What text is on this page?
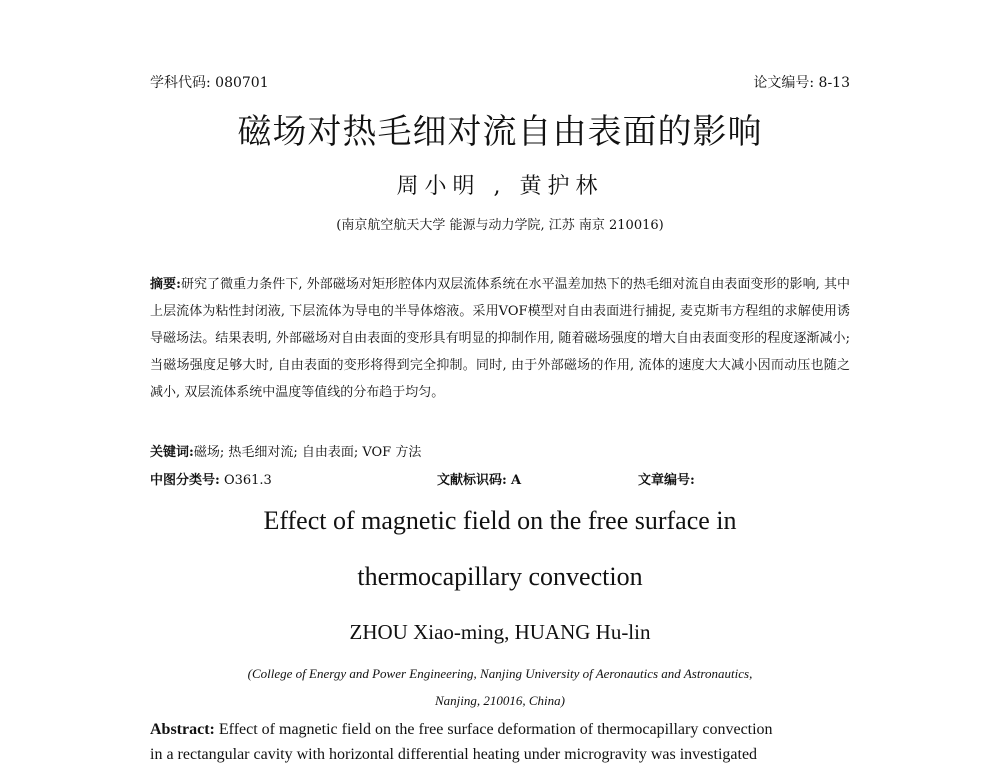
学科代码: 080701	论文编号: 8-13
磁场对热毛细对流自由表面的影响
周小明 , 黄护林
(南京航空航天大学 能源与动力学院, 江苏 南京 210016)
摘要:研究了微重力条件下, 外部磁场对矩形腔体内双层流体系统在水平温差加热下的热毛细对流自由表面变形的影响, 其中上层流体为粘性封闭液, 下层流体为导电的半导体熔液。采用VOF模型对自由表面进行捕捉, 麦克斯韦方程组的求解使用诱导磁场法。结果表明, 外部磁场对自由表面的变形具有明显的抑制作用, 随着磁场强度的增大自由表面变形的程度逐渐减小; 当磁场强度足够大时, 自由表面的变形将得到完全抑制。同时, 由于外部磁场的作用, 流体的速度大大减小因而动压也随之减小, 双层流体系统中温度等值线的分布趋于均匀。
关键词:磁场; 热毛细对流; 自由表面; VOF 方法
中图分类号: O361.3	文献标识码: A	文章编号:
Effect of magnetic field on the free surface in
thermocapillary convection
ZHOU Xiao-ming, HUANG Hu-lin
(College of Energy and Power Engineering, Nanjing University of Aeronautics and Astronautics,
Nanjing, 210016, China)
Abstract: Effect of magnetic field on the free surface deformation of thermocapillary convection
in a rectangular cavity with horizontal differential heating under microgravity was investigated
